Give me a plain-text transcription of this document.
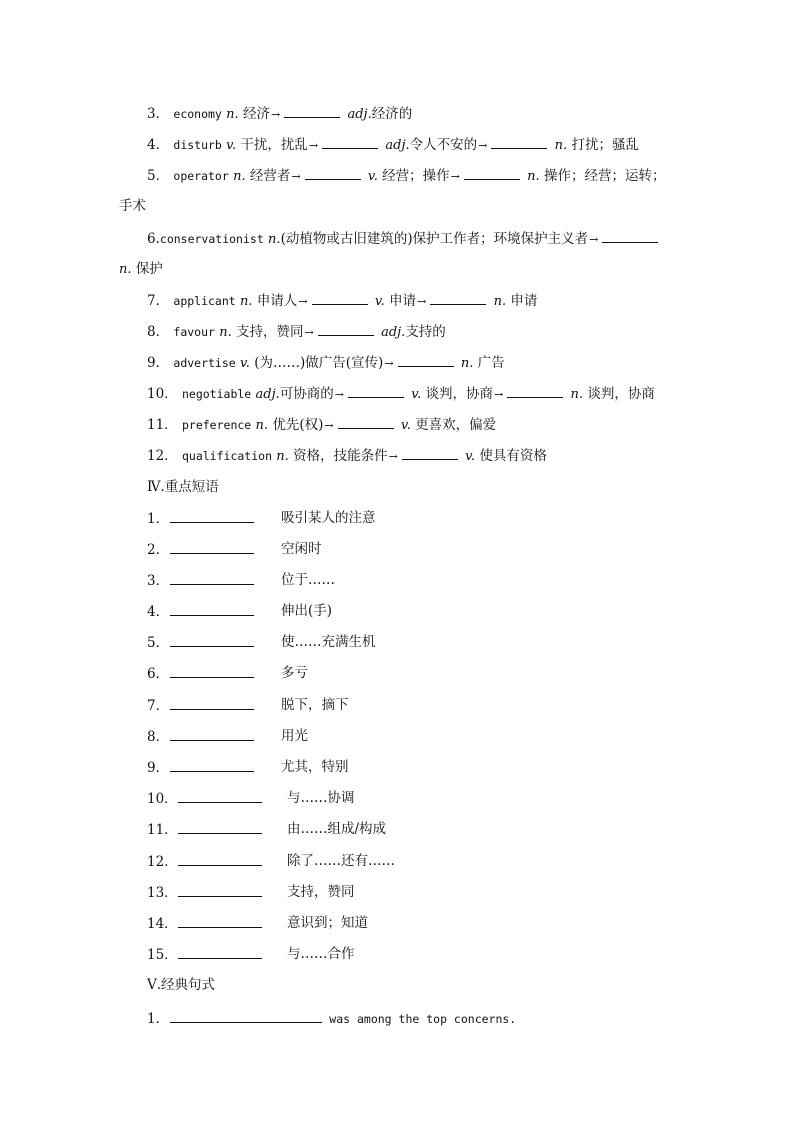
3． economy n. 经济→	adj.经济的
4． disturb v. 干扰，扰乱→	adj.令人不安的→	n. 打扰；骚乱
5． operator n. 经营者→	v. 经营；操作→	n. 操作；经营；运转；
手术
6.conservationist n.(动植物或古旧建筑的)保护工作者；环境保护主义者→
n. 保护
7． applicant n. 申请人→	v. 申请→	n. 申请
8． favour n. 支持，赞同→	adj.支持的
9． advertise v. (为……)做广告(宣传)→	n. 广告
10． negotiable adj.可协商的→	v. 谈判，协商→	n. 谈判，协商
11． preference n. 优先(权)→	v. 更喜欢，偏爱
12． qualification n. 资格，技能条件→	v. 使具有资格
Ⅳ.重点短语
1．	吸引某人的注意
2．	空闲时
3．	位于……
4．	伸出(手)
5．	使……充满生机
6．	多亏
7．	脱下，摘下
8．	用光
9．	尤其，特别
10．	与……协调
11．	由……组成/构成
12．	除了……还有……
13．	支持，赞同
14．	意识到；知道
15．	与……合作
Ⅴ.经典句式
1．	was among the top concerns.
